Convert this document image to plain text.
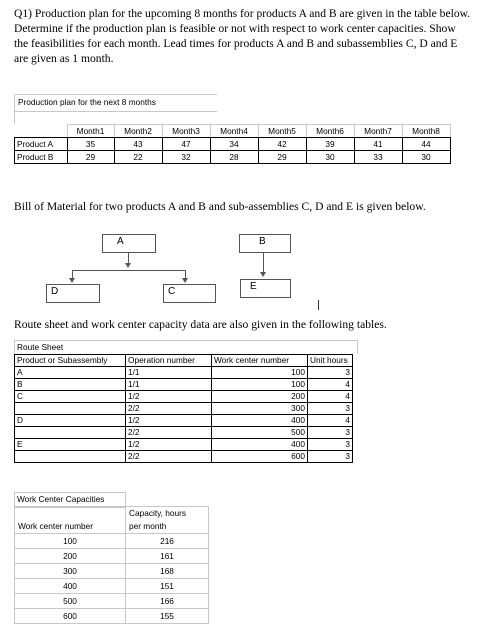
Q1) Production plan for the upcoming 8 months for products A and B are given in the table below. Determine if the production plan is feasible or not with respect to work center capacities. Show the feasibilities for each month. Lead times for products A and B and subassemblies C, D and E are given as 1 month.

Production plan for the next 8 months
	Month1	Month2	Month3	Month4	Month5	Month6	Month7	Month8
Product A	35	43	47	34	42	39	41	44
Product B	29	22	32	28	29	30	33	30

Bill of Material for two products A and B and sub-assemblies C, D and E is given below.

A	B
D	C	E

Route sheet and work center capacity data are also given in the following tables.

Route Sheet
Product or Subassembly	Operation number	Work center number	Unit hours
A	1/1	100	3
B	1/1	100	4
C	1/2	200	4
	2/2	300	3
D	1/2	400	4
	2/2	500	3
E	1/2	400	3
	2/2	600	3
Work Center Capacities
Work center number	Capacity, hours
per month
100	216
200	161
300	168
400	151
500	166
600	155
